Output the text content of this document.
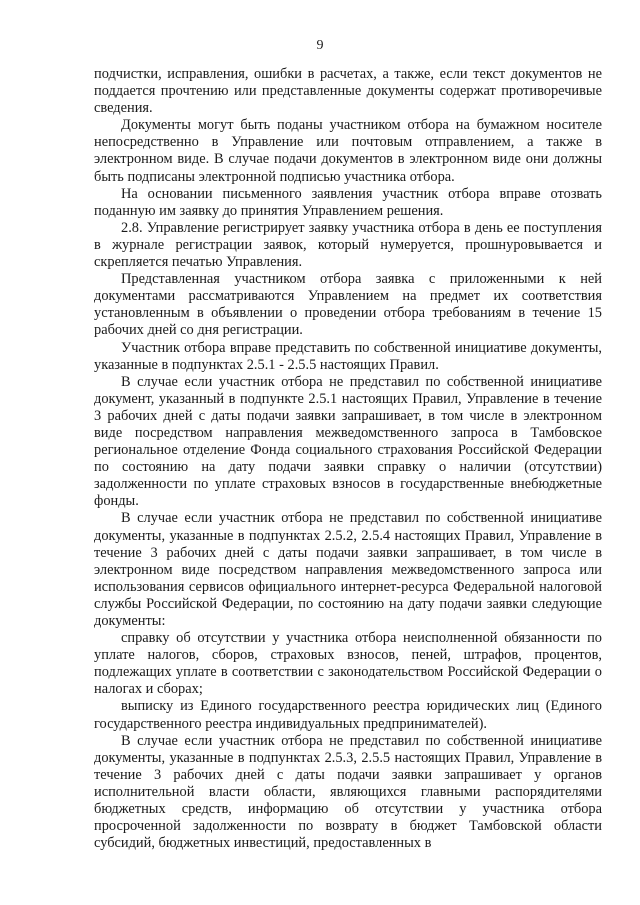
9

подчистки, исправления, ошибки в расчетах, а также, если текст документов не поддается прочтению или представленные документы содержат противоречивые сведения.

Документы могут быть поданы участником отбора на бумажном носителе непосредственно в Управление или почтовым отправлением, а также в электронном виде. В случае подачи документов в электронном виде они должны быть подписаны электронной подписью участника отбора.

На основании письменного заявления участник отбора вправе отозвать поданную им заявку до принятия Управлением решения.

2.8. Управление регистрирует заявку участника отбора в день ее поступления в журнале регистрации заявок, который нумеруется, прошнуровывается и скрепляется печатью Управления.

Представленная участником отбора заявка с приложенными к ней документами рассматриваются Управлением на предмет их соответствия установленным в объявлении о проведении отбора требованиям в течение 15 рабочих дней со дня регистрации.

Участник отбора вправе представить по собственной инициативе документы, указанные в подпунктах 2.5.1 - 2.5.5 настоящих Правил.

В случае если участник отбора не представил по собственной инициативе документ, указанный в подпункте 2.5.1 настоящих Правил, Управление в течение 3 рабочих дней с даты подачи заявки запрашивает, в том числе в электронном виде посредством направления межведомственного запроса в Тамбовское региональное отделение Фонда социального страхования Российской Федерации по состоянию на дату подачи заявки справку о наличии (отсутствии) задолженности по уплате страховых взносов в государственные внебюджетные фонды.

В случае если участник отбора не представил по собственной инициативе документы, указанные в подпунктах 2.5.2, 2.5.4 настоящих Правил, Управление в течение 3 рабочих дней с даты подачи заявки запрашивает, в том числе в электронном виде посредством направления межведомственного запроса или использования сервисов официального интернет-ресурса Федеральной налоговой службы Российской Федерации, по состоянию на дату подачи заявки следующие документы:

справку об отсутствии у участника отбора неисполненной обязанности по уплате налогов, сборов, страховых взносов, пеней, штрафов, процентов, подлежащих уплате в соответствии с законодательством Российской Федерации о налогах и сборах;

выписку из Единого государственного реестра юридических лиц (Единого государственного реестра индивидуальных предпринимателей).

В случае если участник отбора не представил по собственной инициативе документы, указанные в подпунктах 2.5.3, 2.5.5 настоящих Правил, Управление в течение 3 рабочих дней с даты подачи заявки запрашивает у органов исполнительной власти области, являющихся главными распорядителями бюджетных средств, информацию об отсутствии у участника отбора просроченной задолженности по возврату в бюджет Тамбовской области субсидий, бюджетных инвестиций, предоставленных в
